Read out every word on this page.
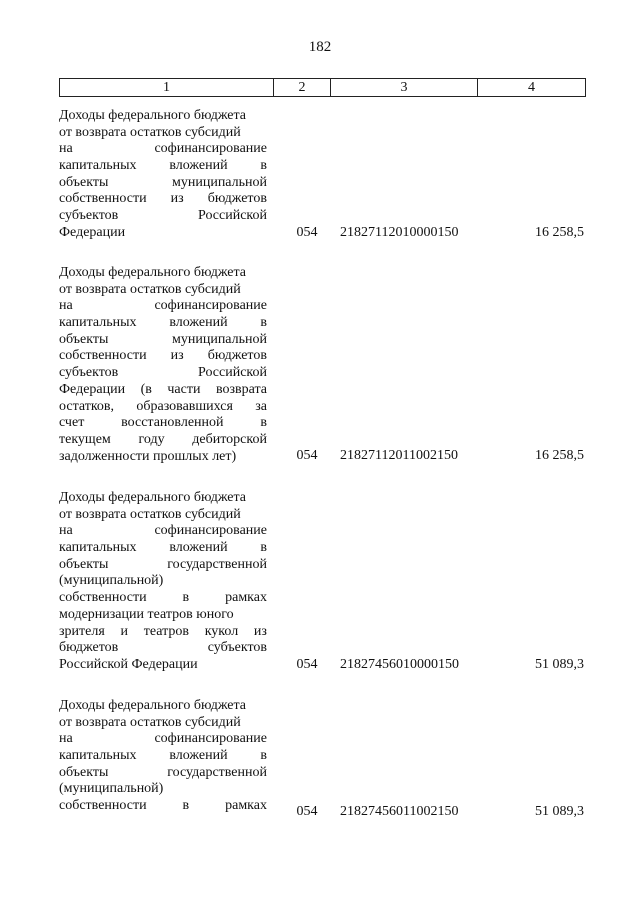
182
1	2	3	4
Доходы федерального бюджета
от возврата остатков субсидий
на	софинансирование
капитальных вложений в
объекты	муниципальной
собственности из бюджетов
субъектов	Российской
Федерации	054	21827112010000150	16 258,5
Доходы федерального бюджета
от возврата остатков субсидий
на	софинансирование
капитальных вложений в
объекты	муниципальной
собственности из бюджетов
субъектов	Российской
Федерации (в части возврата
остатков, образовавшихся за
счет	восстановленной	в
текущем году дебиторской
задолженности прошлых лет)	054	21827112011002150	16 258,5
Доходы федерального бюджета
от возврата остатков субсидий
на	софинансирование
капитальных вложений в
объекты	государственной
(муниципальной)
собственности	в	рамках
модернизации театров юного
зрителя и театров кукол из
бюджетов	субъектов
Российской Федерации	054	21827456010000150	51 089,3
Доходы федерального бюджета
от возврата остатков субсидий
на	софинансирование
капитальных вложений в
объекты	государственной
(муниципальной)
собственности	в	рамках	054	21827456011002150	51 089,3
